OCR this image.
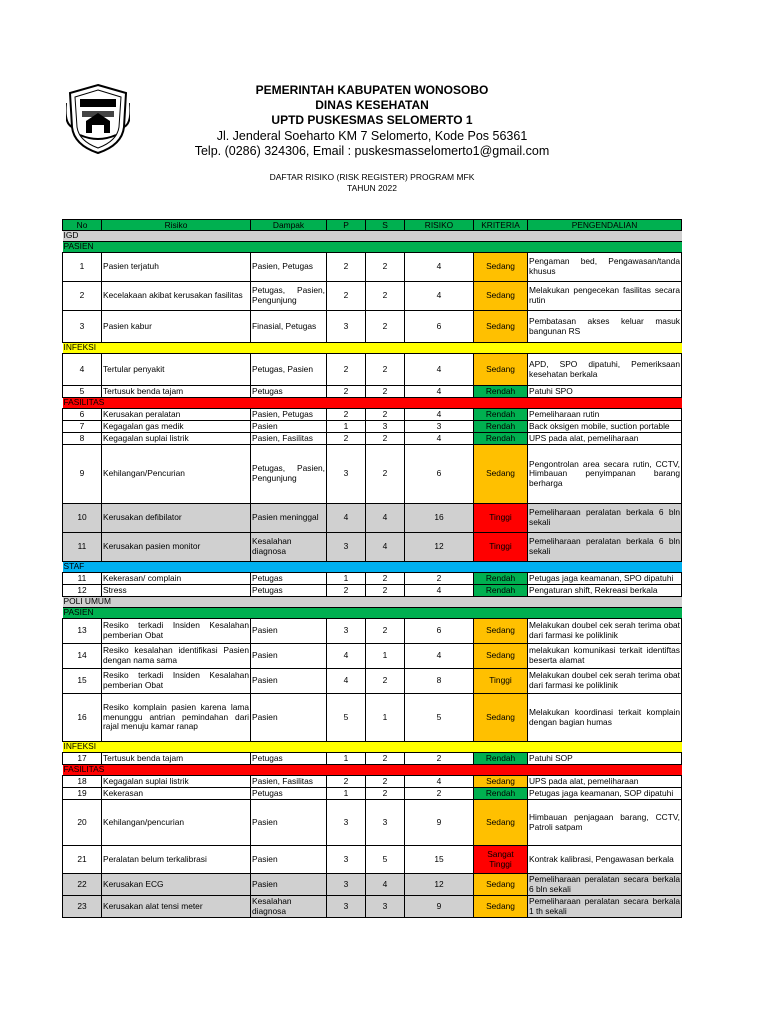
PEMERINTAH KABUPATEN WONOSOBO
DINAS KESEHATAN
UPTD PUSKESMAS SELOMERTO 1
Jl. Jenderal Soeharto KM 7 Selomerto, Kode Pos 56361
Telp. (0286) 324306, Email : puskesmasselomerto1@gmail.com
DAFTAR RISIKO (RISK REGISTER) PROGRAM MFK
TAHUN 2022
No	Risiko	Dampak	P	S	RISIKO	KRITERIA	PENGENDALIAN
IGD							
PASIEN							
1	Pasien terjatuh	Pasien, Petugas	2	2	4	Sedang	Pengaman bed, Pengawasan/tanda khusus
2	Kecelakaan akibat kerusakan fasilitas	Petugas, Pasien, Pengunjung	2	2	4	Sedang	Melakukan pengecekan fasilitas secara rutin
3	Pasien kabur	Finasial, Petugas	3	2	6	Sedang	Pembatasan akses keluar masuk bangunan RS
INFEKSI							
4	Tertular penyakit	Petugas, Pasien	2	2	4	Sedang	APD, SPO dipatuhi, Pemeriksaan kesehatan berkala
5	Tertusuk benda tajam	Petugas	2	2	4	Rendah	Patuhi SPO
FASILITAS							
6	Kerusakan peralatan	Pasien, Petugas	2	2	4	Rendah	Pemeliharaan rutin
7	Kegagalan gas medik	Pasien	1	3	3	Rendah	Back oksigen mobile, suction portable
8	Kegagalan suplai listrik	Pasien, Fasilitas	2	2	4	Rendah	UPS pada alat, pemeliharaan
9	Kehilangan/Pencurian	Petugas, Pasien, Pengunjung	3	2	6	Sedang	Pengontrolan area secara rutin, CCTV, Himbauan penyimpanan barang berharga
10	Kerusakan defibilator	Pasien meninggal	4	4	16	Tinggi	Pemeliharaan peralatan berkala 6 bln sekali
11	Kerusakan pasien monitor	Kesalahan diagnosa	3	4	12	Tinggi	Pemeliharaan peralatan berkala 6 bln sekali
STAF							
11	Kekerasan/ complain	Petugas	1	2	2	Rendah	Petugas jaga keamanan, SPO dipatuhi
12	Stress	Petugas	2	2	4	Rendah	Pengaturan shift, Rekreasi berkala
POLI UMUM							
PASIEN							
13	Resiko terkadi Insiden Kesalahan pemberian Obat	Pasien	3	2	6	Sedang	Melakukan doubel cek serah terima obat dari farmasi ke poliklinik
14	Resiko kesalahan identifikasi Pasien dengan nama sama	Pasien	4	1	4	Sedang	melakukan komunikasi terkait identiftas beserta alamat
15	Resiko terkadi Insiden Kesalahan pemberian Obat	Pasien	4	2	8	Tinggi	Melakukan doubel cek serah terima obat dari farmasi ke poliklinik
16	Resiko komplain pasien karena lama menunggu antrian pemindahan dari rajal menuju kamar ranap	Pasien	5	1	5	Sedang	Melakukan koordinasi terkait komplain dengan bagian humas
INFEKSI							
17	Tertusuk benda tajam	Petugas	1	2	2	Rendah	Patuhi SOP
FASILITAS							
18	Kegagalan suplai listrik	Pasien, Fasilitas	2	2	4	Sedang	UPS pada alat, pemeliharaan
19	Kekerasan	Petugas	1	2	2	Rendah	Petugas jaga keamanan, SOP dipatuhi
20	Kehilangan/pencurian	Pasien	3	3	9	Sedang	Himbauan penjagaan barang, CCTV, Patroli satpam
21	Peralatan belum terkalibrasi	Pasien	3	5	15	Sangat Tinggi	Kontrak kalibrasi, Pengawasan berkala
22	Kerusakan ECG	Pasien	3	4	12	Sedang	Pemeliharaan peralatan secara berkala 6 bln sekali
23	Kerusakan alat tensi meter	Kesalahan diagnosa	3	3	9	Sedang	Pemeliharaan peralatan secara berkala 1 th sekali
